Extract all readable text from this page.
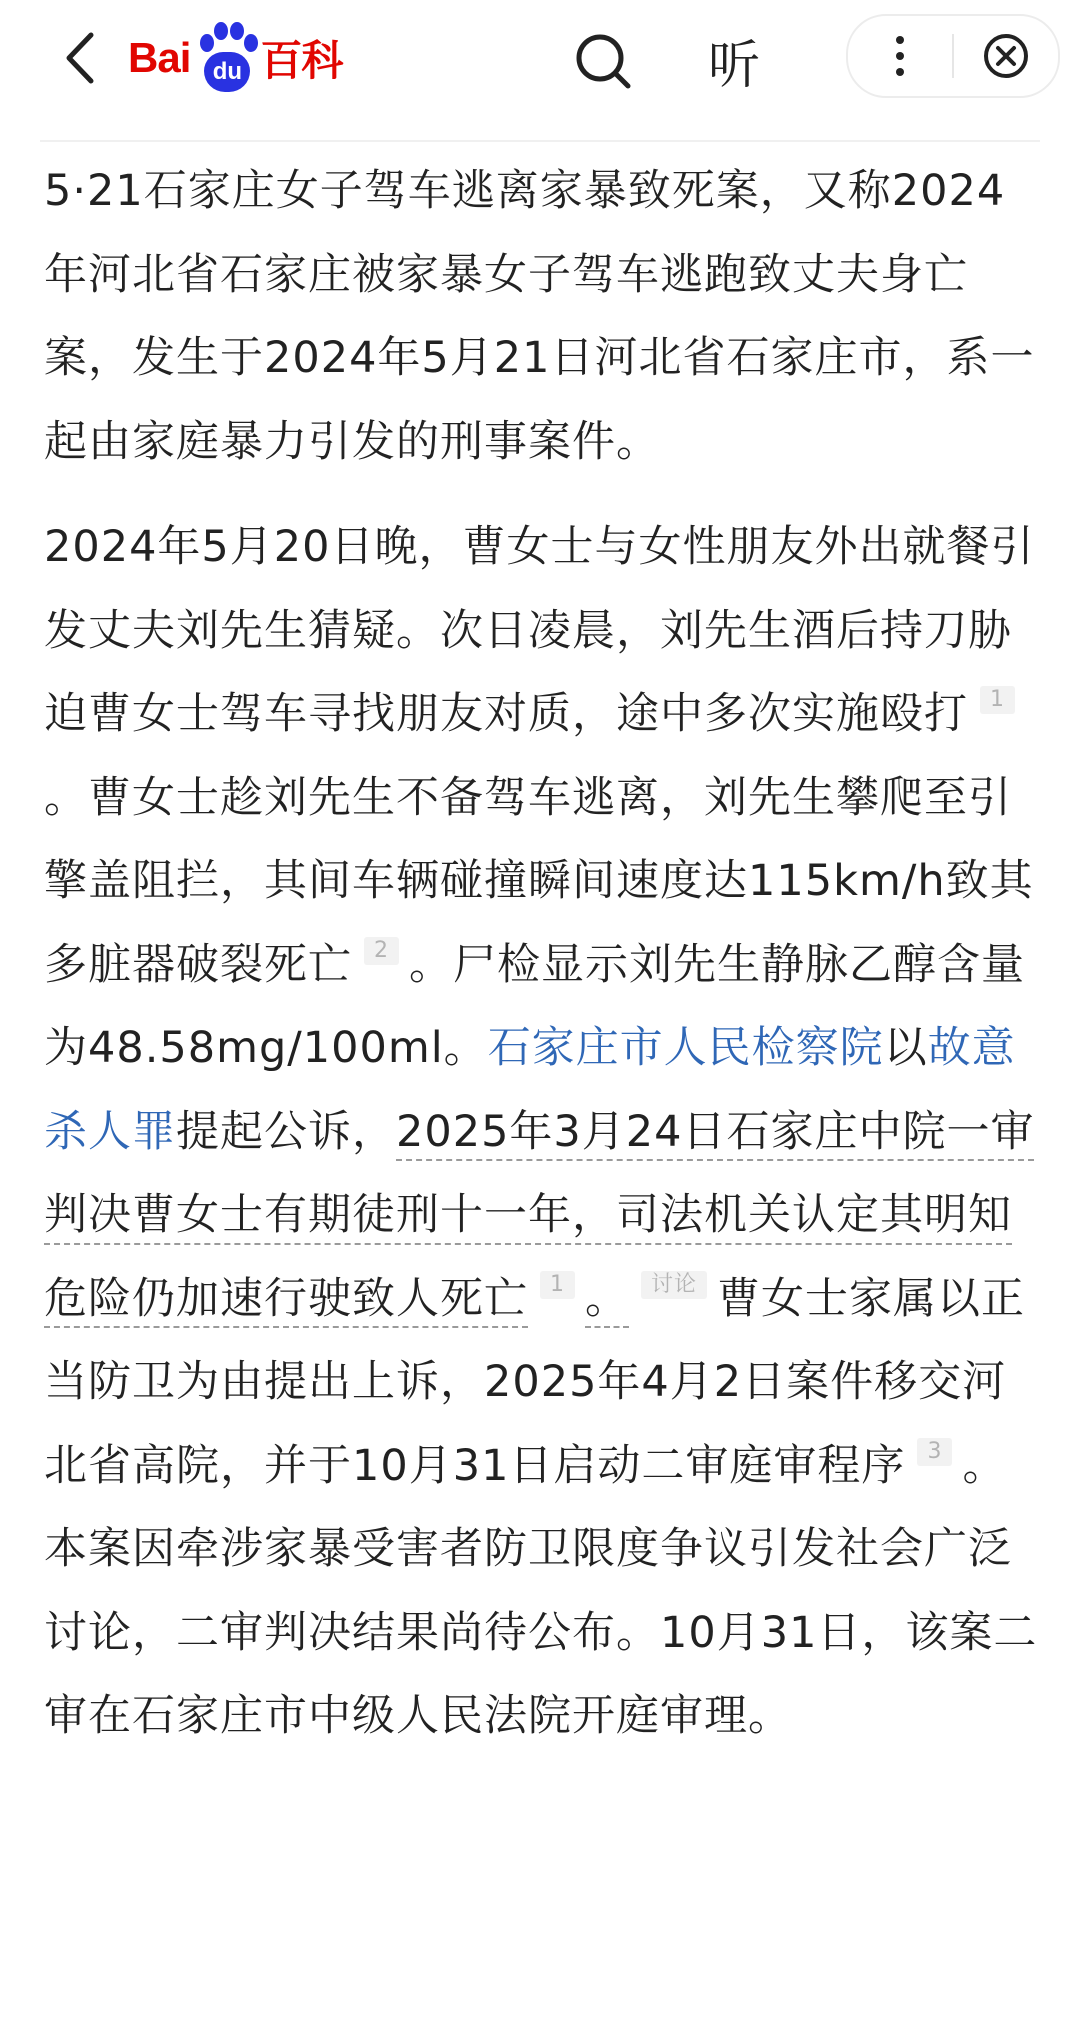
Bai du 百科	听

5·21石家庄女子驾车逃离家暴致死案，又称2024年河北省石家庄被家暴女子驾车逃跑致丈夫身亡案，发生于2024年5月21日河北省石家庄市，系一起由家庭暴力引发的刑事案件。

2024年5月20日晚，曹女士与女性朋友外出就餐引发丈夫刘先生猜疑。次日凌晨，刘先生酒后持刀胁迫曹女士驾车寻找朋友对质，途中多次实施殴打 1。曹女士趁刘先生不备驾车逃离，刘先生攀爬至引擎盖阻拦，其间车辆碰撞瞬间速度达115km/h致其多脏器破裂死亡 2 。尸检显示刘先生静脉乙醇含量为48.58mg/100ml。石家庄市人民检察院以故意杀人罪提起公诉，2025年3月24日石家庄中院一审判决曹女士有期徒刑十一年，司法机关认定其明知危险仍加速行驶致人死亡 1 。 讨论 曹女士家属以正当防卫为由提出上诉，2025年4月2日案件移交河北省高院，并于10月31日启动二审庭审程序 3 。本案因牵涉家暴受害者防卫限度争议引发社会广泛讨论，二审判决结果尚待公布。10月31日，该案二审在石家庄市中级人民法院开庭审理。
